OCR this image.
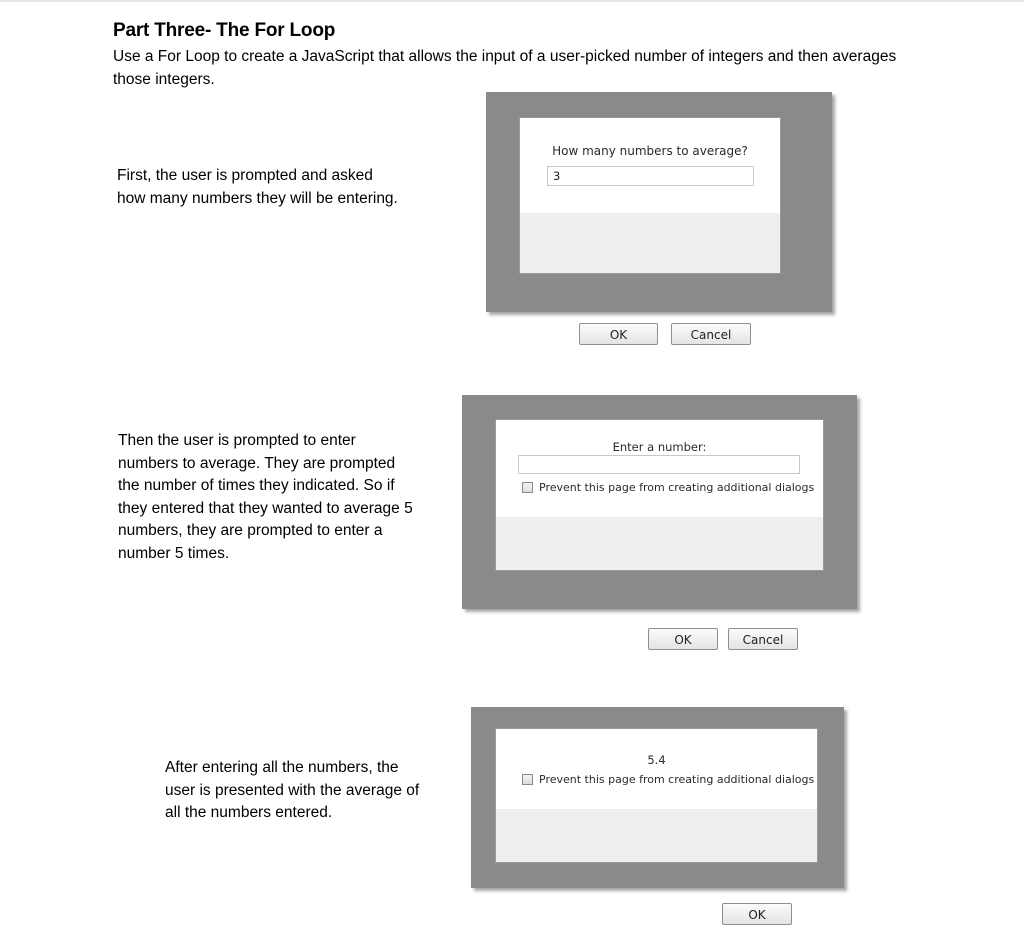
Part Three- The For Loop
Use a For Loop to create a JavaScript that allows the input of a user-picked number of integers and then averages those integers.
First, the user is prompted and asked
how many numbers they will be entering.
How many numbers to average?
3
OK	Cancel
Then the user is prompted to enter
numbers to average. They are prompted
the number of times they indicated. So if
they entered that they wanted to average 5
numbers, they are prompted to enter a
number 5 times.
Enter a number:
Prevent this page from creating additional dialogs
OK	Cancel
After entering all the numbers, the
user is presented with the average of
all the numbers entered.
5.4
Prevent this page from creating additional dialogs
OK
